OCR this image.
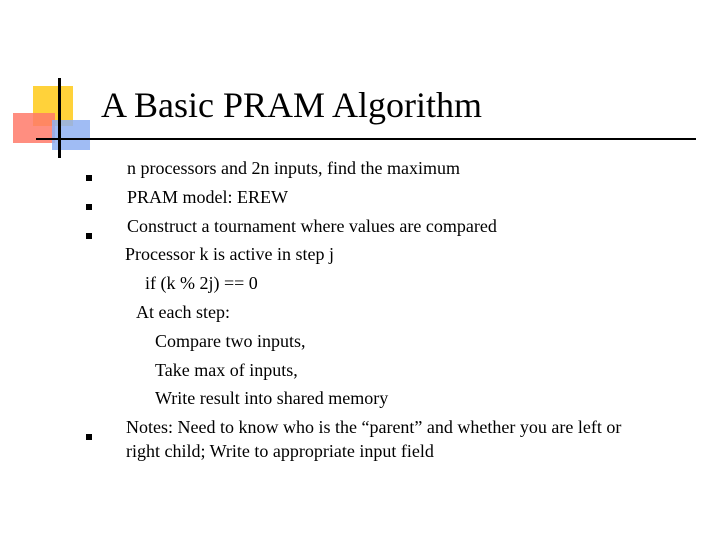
A Basic PRAM Algorithm
n processors and 2n inputs, find the maximum
PRAM model: EREW
Construct a tournament where values are compared
Processor k is active in step j
if (k % 2j) == 0
At each step:
Compare two inputs,
Take max of inputs,
Write result into shared memory
Notes: Need to know who is the “parent” and whether you are left or
right child; Write to appropriate input field
